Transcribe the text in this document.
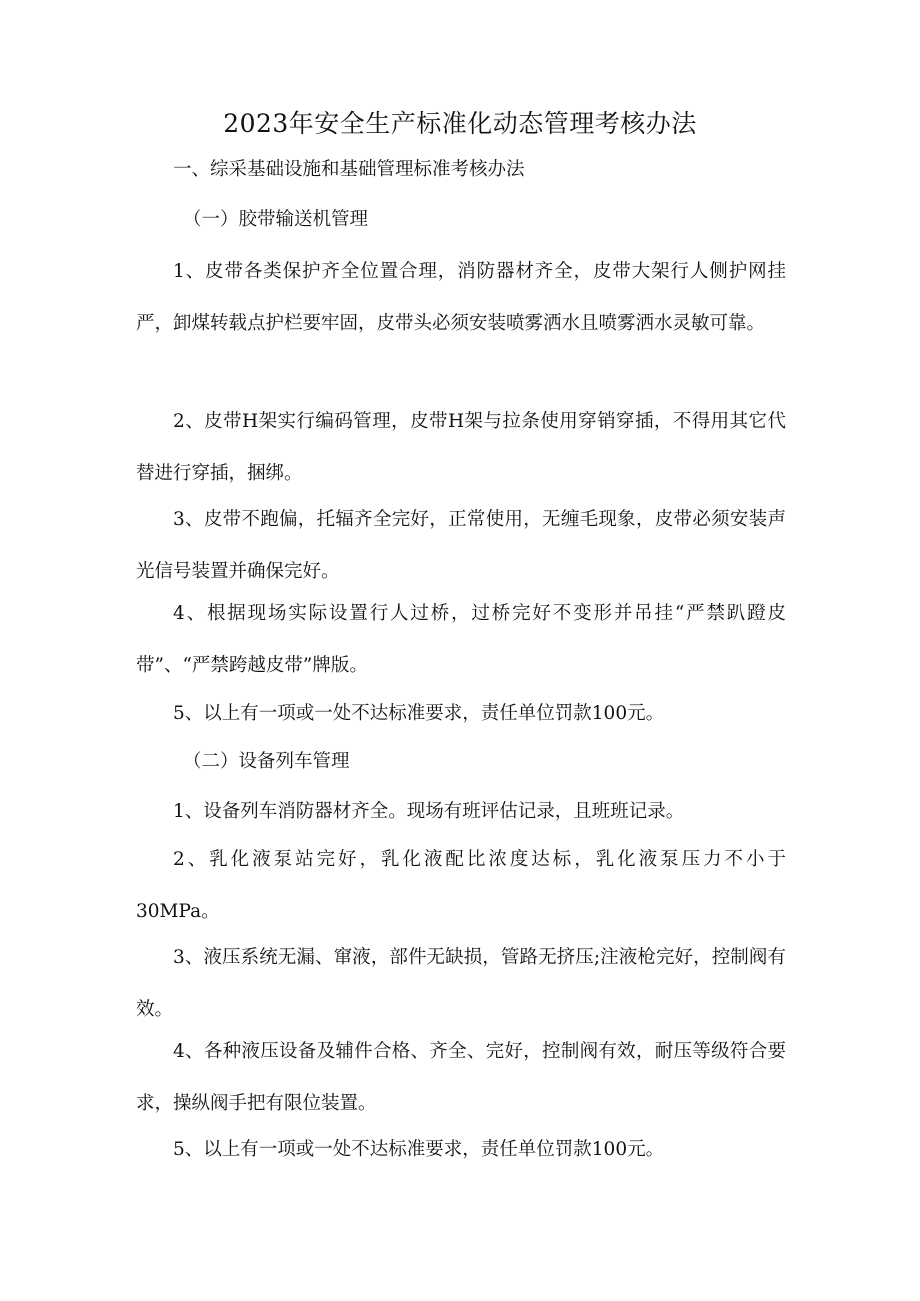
2023年安全生产标准化动态管理考核办法

一、综采基础设施和基础管理标准考核办法

（一）胶带输送机管理

1、皮带各类保护齐全位置合理，消防器材齐全，皮带大架行人侧护网挂严，卸煤转载点护栏要牢固，皮带头必须安装喷雾洒水且喷雾洒水灵敏可靠。

2、皮带H架实行编码管理，皮带H架与拉条使用穿销穿插，不得用其它代替进行穿插，捆绑。

3、皮带不跑偏，托辐齐全完好，正常使用，无缠毛现象，皮带必须安装声光信号装置并确保完好。

4、根据现场实际设置行人过桥，过桥完好不变形并吊挂“严禁趴蹬皮带”、“严禁跨越皮带”牌版。

5、以上有一项或一处不达标准要求，责任单位罚款100元。

（二）设备列车管理

1、设备列车消防器材齐全。现场有班评估记录，且班班记录。

2、乳化液泵站完好，乳化液配比浓度达标，乳化液泵压力不小于30MPa。

3、液压系统无漏、窜液，部件无缺损，管路无挤压;注液枪完好，控制阀有效。

4、各种液压设备及辅件合格、齐全、完好，控制阀有效，耐压等级符合要求，操纵阀手把有限位装置。

5、以上有一项或一处不达标准要求，责任单位罚款100元。
